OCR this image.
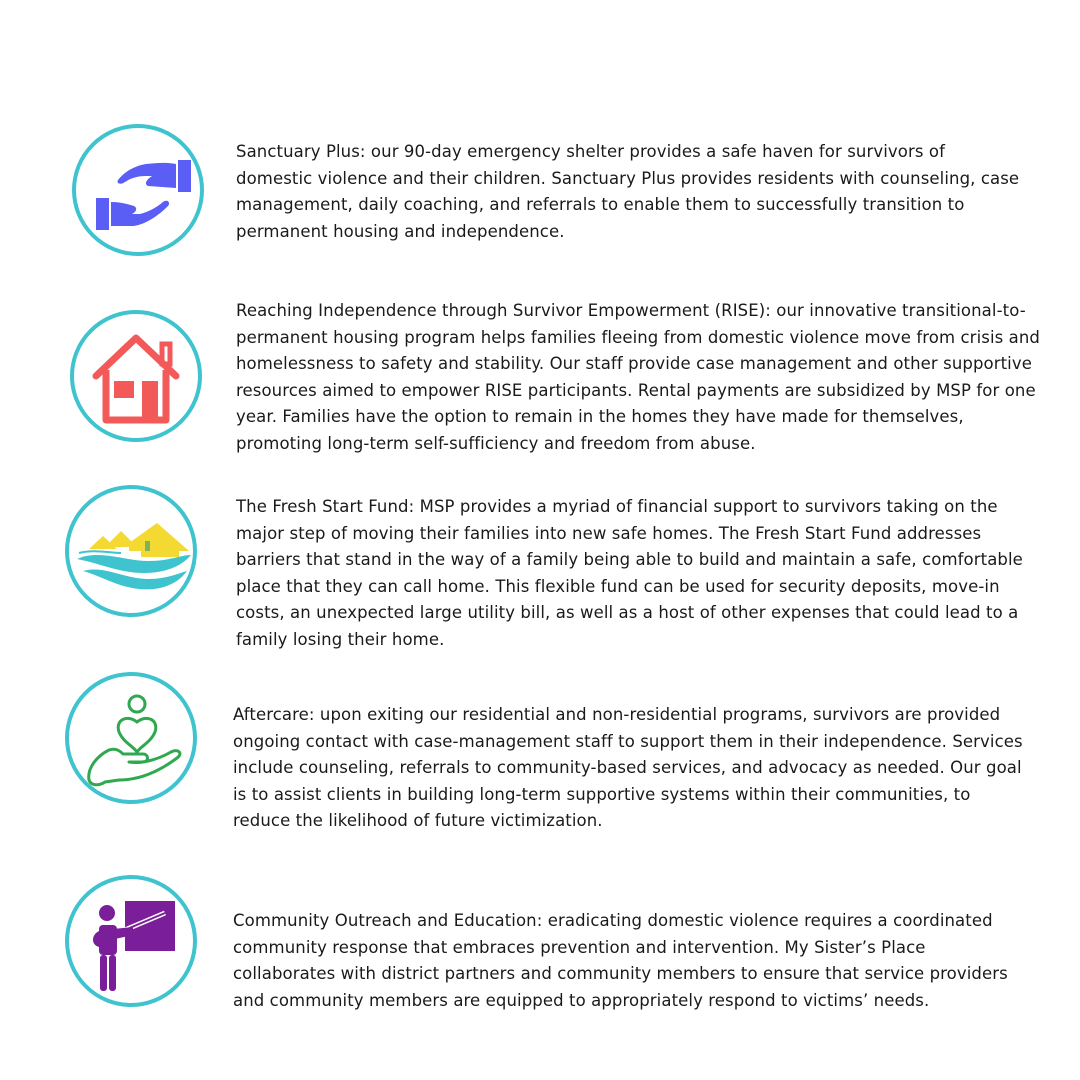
Sanctuary Plus: our 90-day emergency shelter provides a safe haven for survivors of
domestic violence and their children. Sanctuary Plus provides residents with counseling, case
management, daily coaching, and referrals to enable them to successfully transition to
permanent housing and independence.

Reaching Independence through Survivor Empowerment (RISE): our innovative transitional-to-
permanent housing program helps families fleeing from domestic violence move from crisis and
homelessness to safety and stability. Our staff provide case management and other supportive
resources aimed to empower RISE participants. Rental payments are subsidized by MSP for one
year. Families have the option to remain in the homes they have made for themselves,
promoting long-term self-sufficiency and freedom from abuse.

The Fresh Start Fund: MSP provides a myriad of financial support to survivors taking on the
major step of moving their families into new safe homes. The Fresh Start Fund addresses
barriers that stand in the way of a family being able to build and maintain a safe, comfortable
place that they can call home. This flexible fund can be used for security deposits, move-in
costs, an unexpected large utility bill, as well as a host of other expenses that could lead to a
family losing their home.

Aftercare: upon exiting our residential and non-residential programs, survivors are provided
ongoing contact with case-management staff to support them in their independence. Services
include counseling, referrals to community-based services, and advocacy as needed. Our goal
is to assist clients in building long-term supportive systems within their communities, to
reduce the likelihood of future victimization.

Community Outreach and Education: eradicating domestic violence requires a coordinated
community response that embraces prevention and intervention. My Sister’s Place
collaborates with district partners and community members to ensure that service providers
and community members are equipped to appropriately respond to victims’ needs.
